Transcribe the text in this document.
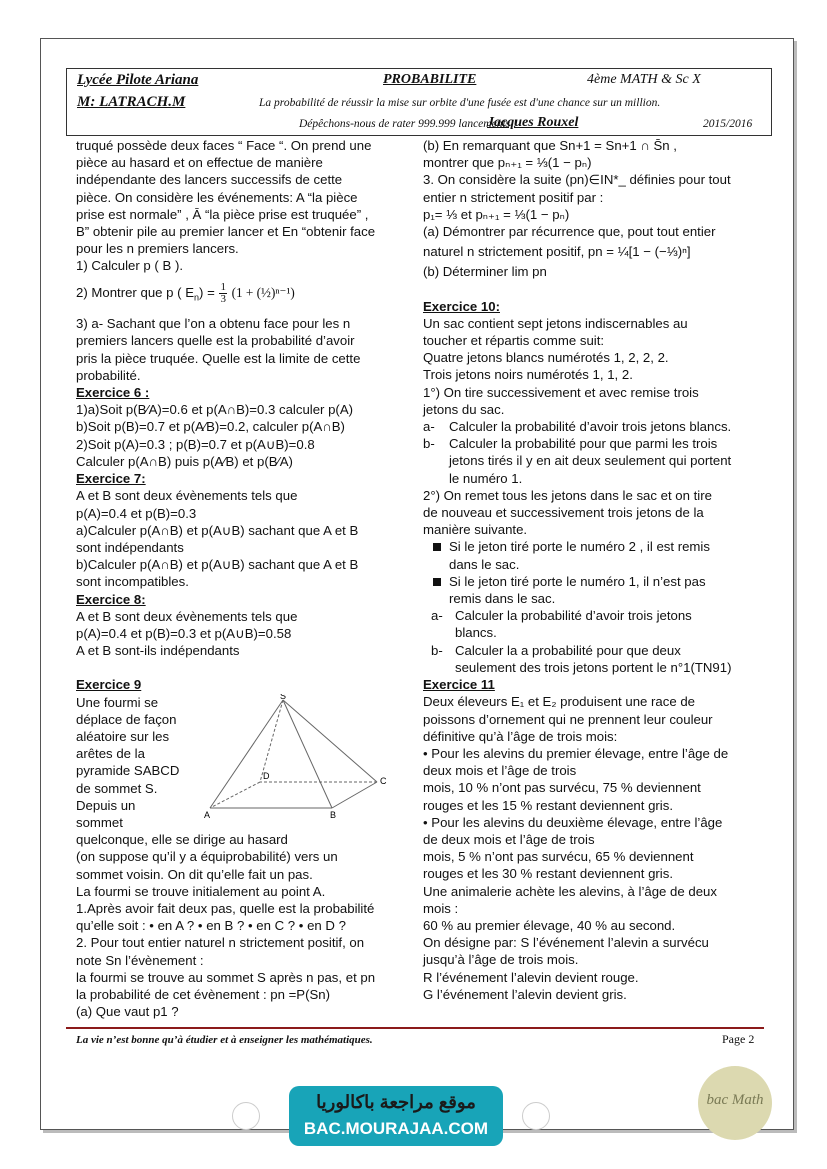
Lycée Pilote Ariana
M: LATRACH.M
PROBABILITE	4ème MATH & Sc X
La probabilité de réussir la mise sur orbite d'une fusée est d'une chance sur un million.
Dépêchons-nous de rater 999.999 lancements !
Jacques Rouxel	2015/2016

truqué possède deux faces “ Face “. On prend une

pièce au hasard et on effectue de manière

indépendante des lancers successifs de cette

pièce. On considère les événements: A “la pièce

prise est normale” , Ā “la pièce prise est truquée” ,

B” obtenir pile au premier lancer et En “obtenir face

pour les n premiers lancers.

1) Calculer p ( B ).

2) Montrer que p ( $E_n) = \frac{1}{3} (1$ + (½)ⁿ⁻¹)

3) a- Sachant que l’on a obtenu face pour les n

premiers lancers quelle est la probabilité d’avoir

pris la pièce truquée. Quelle est la limite de cette

probabilité.

Exercice 6 :

1)a)Soit p(B⁄A)=0.6 et p(A∩B)=0.3 calculer p(A)

b)Soit p(B)=0.7 et p(A⁄B)=0.2, calculer p(A∩B)

2)Soit p(A)=0.3 ; p(B)=0.7 et p(A∪B)=0.8

Calculer p(A∩B) puis p(A⁄B) et p(B⁄A)

Exercice 7:

A et B sont deux évènements tels que

p(A)=0.4 et p(B)=0.3

a)Calculer p(A∩B) et p(A∪B) sachant que A et B

sont indépendants

b)Calculer p(A∩B) et p(A∪B) sachant que A et B

sont incompatibles.

Exercice 8:

A et B sont deux évènements tels que

p(A)=0.4 et p(B)=0.3 et p(A∪B)=0.58

A et B sont-ils indépendants

Exercice 9

Une fourmi se

déplace de façon

aléatoire sur les

arêtes de la

pyramide SABCD

de sommet S.

Depuis un

sommet

S
A	B
C
D

quelconque, elle se dirige au hasard

(on suppose qu’il y a équiprobabilité) vers un

sommet voisin. On dit qu’elle fait un pas.

La fourmi se trouve initialement au point A.

1.Après avoir fait deux pas, quelle est la probabilité

qu’elle soit : • en A ? • en B ? • en C ? • en D ?

2. Pour tout entier naturel n strictement positif, on

note Sn l’évènement :

la fourmi se trouve au sommet S après n pas, et pn

la probabilité de cet évènement : pn =P(Sn)

(a) Que vaut p1 ?

(b) En remarquant que Sn+1 = Sn+1 ∩ S̄n ,

montrer que pₙ₊₁ = ⅓(1 − pₙ)

3. On considère la suite (pn)∈IN*_ définies pour tout

entier n strictement positif par :

p₁= ⅓ et pₙ₊₁ = ⅓(1 − pₙ)

(a) Démontrer par récurrence que, pout tout entier

naturel n strictement positif, pn = ¼[1 − (−⅓)ⁿ]

(b) Déterminer lim pn

Exercice 10:

Un sac contient sept jetons indiscernables au

toucher et répartis comme suit:

Quatre jetons blancs numérotés 1, 2, 2, 2.

Trois jetons noirs numérotés 1, 1, 2.

1°) On tire successivement et avec remise trois

jetons du sac.

a-	Calculer la probabilité d’avoir trois jetons blancs.

b-	Calculer la probabilité pour que parmi les trois

jetons tirés il y en ait deux seulement qui portent

le numéro 1.

2°) On remet tous les jetons dans le sac et on tire

de nouveau et successivement trois jetons de la

manière suivante.

Si le jeton tiré porte le numéro 2 , il est remis

dans le sac.

Si le jeton tiré porte le numéro 1, il n’est pas

remis dans le sac.

a- Calculer la probabilité d’avoir trois jetons

blancs.

b- Calculer la a probabilité pour que deux

seulement des trois jetons portent le n°1(TN91)

Exercice 11

Deux éleveurs E₁ et E₂ produisent une race de

poissons d’ornement qui ne prennent leur couleur

définitive qu’à l’âge de trois mois:

• Pour les alevins du premier élevage, entre l’âge de

deux mois et l’âge de trois

mois, 10 % n’ont pas survécu, 75 % deviennent

rouges et les 15 % restant deviennent gris.

• Pour les alevins du deuxième élevage, entre l’âge

de deux mois et l’âge de trois

mois, 5 % n’ont pas survécu, 65 % deviennent

rouges et les 30 % restant deviennent gris.

Une animalerie achète les alevins, à l’âge de deux

mois :

60 % au premier élevage, 40 % au second.

On désigne par: S l’événement l’alevin a survécu

jusqu’à l’âge de trois mois.

R l’événement l’alevin devient rouge.

G l’événement l’alevin devient gris.

La vie n’est bonne qu’à étudier et à enseigner les mathématiques.	Page 2
موقع مراجعة باكالوريا
BAC.MOURAJAA.COM
bac Math
